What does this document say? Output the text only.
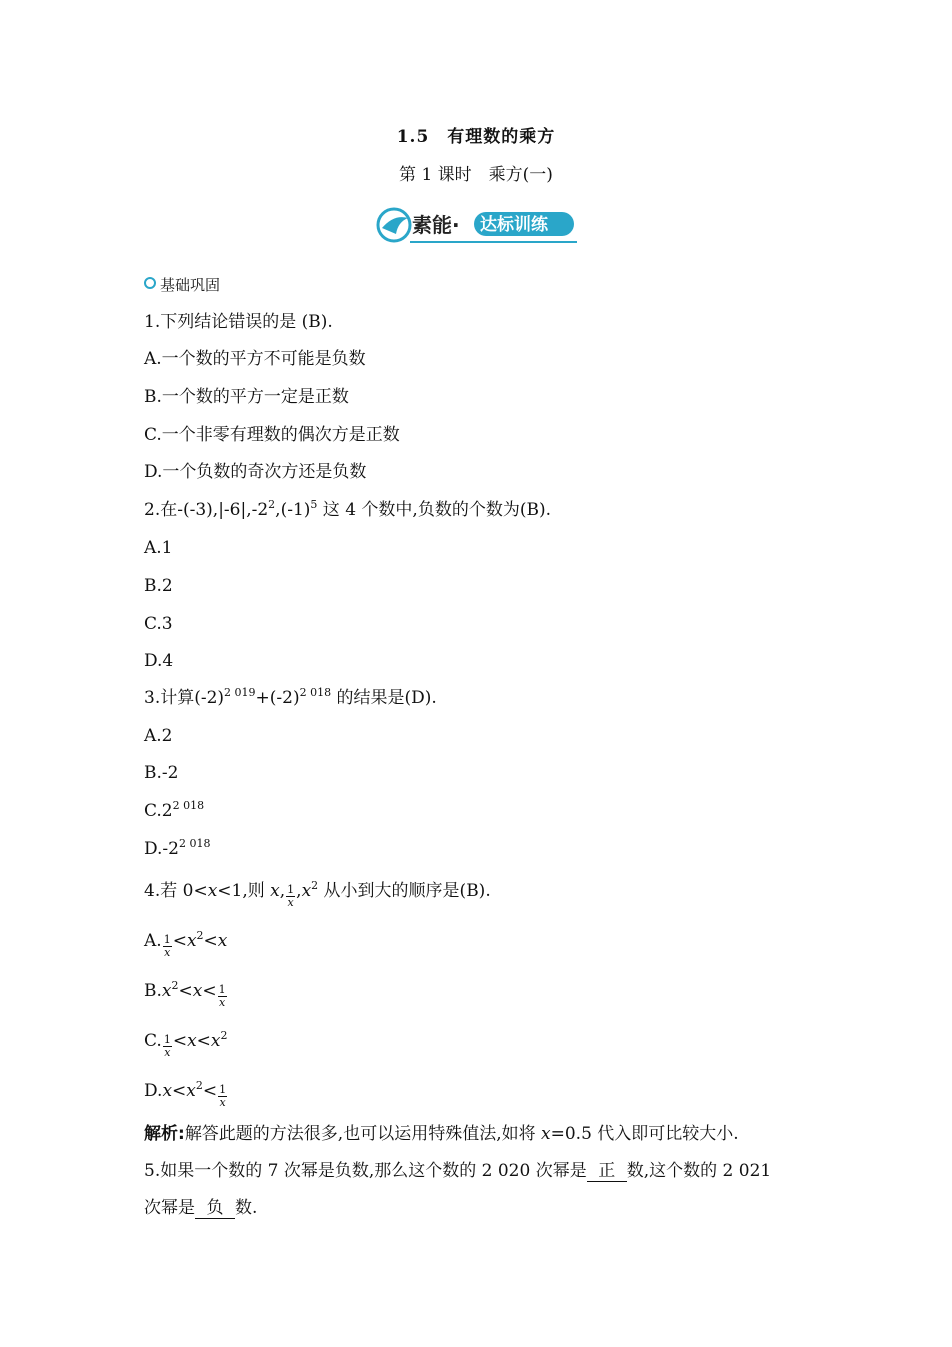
1.5　有理数的乘方
第 1 课时　乘方(一)
素能· 达标训练
基础巩固
1.下列结论错误的是 (B).
A.一个数的平方不可能是负数
B.一个数的平方一定是正数
C.一个非零有理数的偶次方是正数
D.一个负数的奇次方还是负数
2.在$-(-3),|-6|,-2^2,(-1)^5$ 这 4 个数中,负数的个数为(B).
A.1
B.2
C.3
D.4
3.计算$(-2)^{2 019}+(-2)^{2 018}$ 的结果是(D).
A.2
B.-2
$C.2^{2 018}$
$D.-2^{2 018}$
4.若 0<x<1,则 x, $\frac{1}{x} ,x^2$ 从小到大的顺序是(B).
A. $\frac{1}{x} <x^2<x$
$B.x^2<x< \frac{1}{x}$
C. $\frac{1}{x} <x<x^2$
$D.x<x^2< \frac{1}{x}$
解析:解答此题的方法很多,也可以运用特殊值法,如将 x=0.5 代入即可比较大小.
5.如果一个数的 7 次幂是负数,那么这个数的 2 020 次幂是 正 数,这个数的 2 021
次幂是 负 数.
